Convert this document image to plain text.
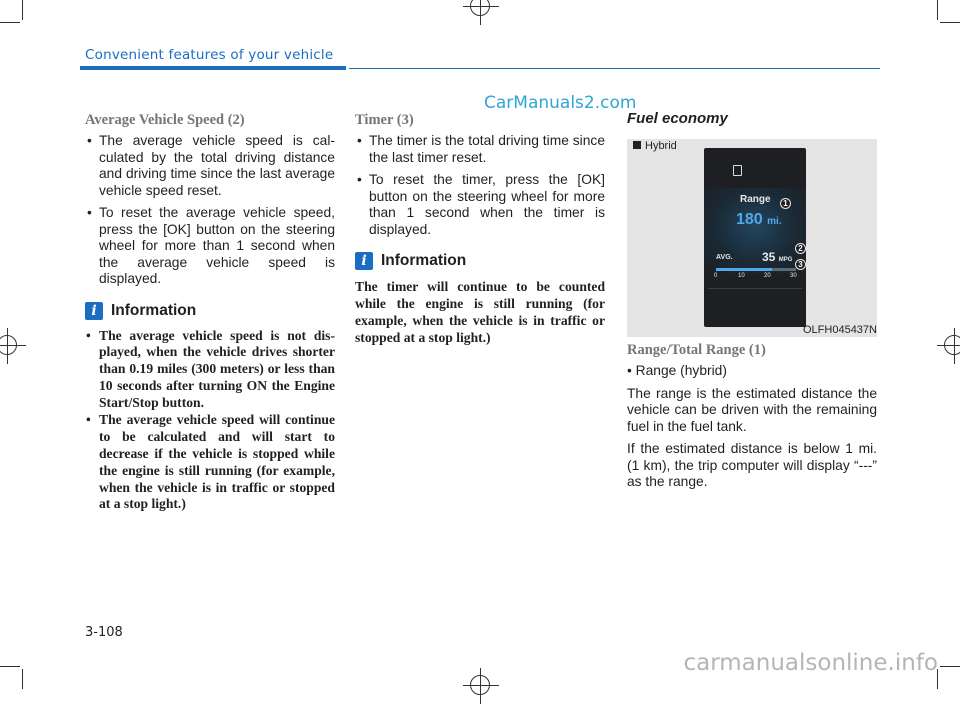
Convenient features of your vehicle
CarManuals2.com
Average Vehicle Speed (2)
• The average vehicle speed is calculated by the total driving distance and driving time since the last average vehicle speed reset.
• To reset the average vehicle speed, press the [OK] button on the steering wheel for more than 1 second when the average vehicle speed is displayed.
i Information
• The average vehicle speed is not displayed, when the vehicle drives shorter than 0.19 miles (300 meters) or less than 10 seconds after turning ON the Engine Start/Stop button.
• The average vehicle speed will continue to be calculated and will start to decrease if the vehicle is stopped while the engine is still running (for example, when the vehicle is in traffic or stopped at a stop light.)
Timer (3)
• The timer is the total driving time since the last timer reset.
• To reset the timer, press the [OK] button on the steering wheel for more than 1 second when the timer is displayed.
i Information

The timer will continue to be counted while the engine is still running (for example, when the vehicle is in traffic or stopped at a stop light.)

Fuel economy
Hybrid
Range
180 mi.
AVG. 35 MPG
0	10	20	30
1
2
3
OLFH045437N
Range/Total Range (1)

• Range (hybrid)

The range is the estimated distance the vehicle can be driven with the remaining fuel in the fuel tank.

If the estimated distance is below 1 mi. (1 km), the trip computer will display “---” as the range.

3-108
carmanualsonline.info
